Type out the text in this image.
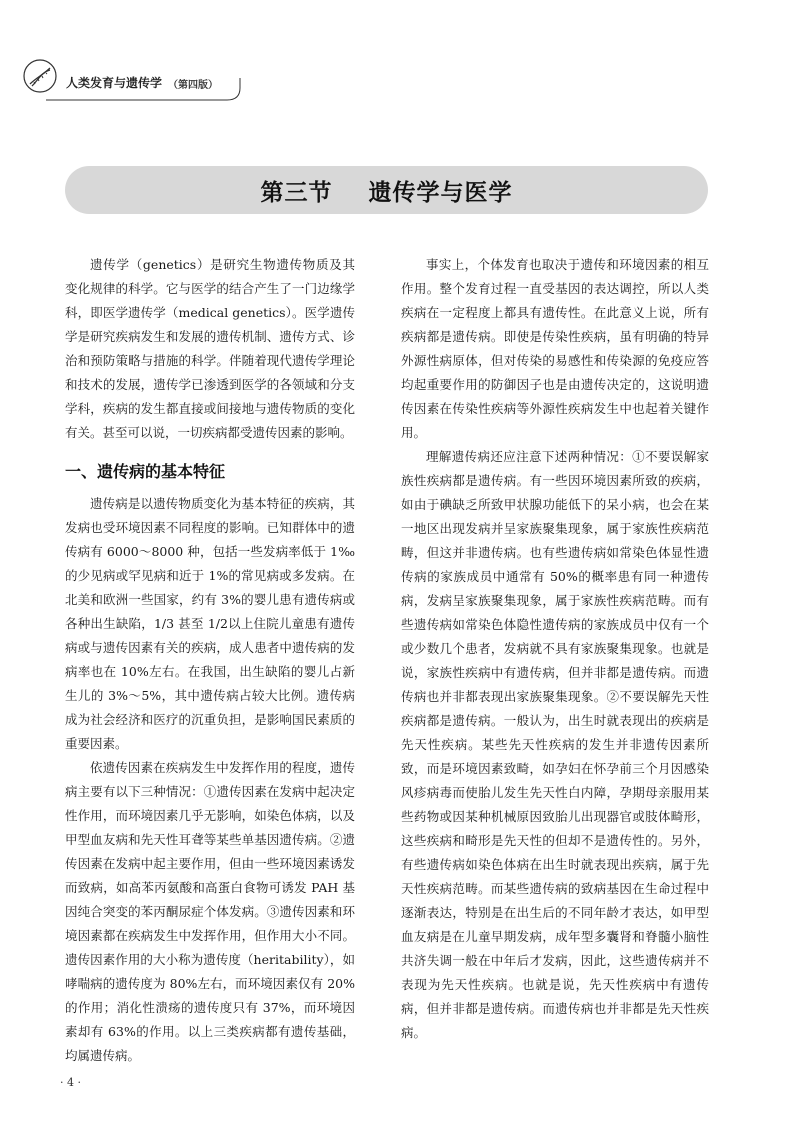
人类发育与遗传学 （第四版）
第三节    遗传学与医学

遗传学（genetics）是研究生物遗传物质及其变化规律的科学。它与医学的结合产生了一门边缘学科，即医学遗传学（medical genetics）。医学遗传学是研究疾病发生和发展的遗传机制、遗传方式、诊治和预防策略与措施的科学。伴随着现代遗传学理论和技术的发展，遗传学已渗透到医学的各领域和分支学科，疾病的发生都直接或间接地与遗传物质的变化有关。甚至可以说，一切疾病都受遗传因素的影响。

一、遗传病的基本特征

遗传病是以遗传物质变化为基本特征的疾病，其发病也受环境因素不同程度的影响。已知群体中的遗传病有 6000～8000 种，包括一些发病率低于 1‰的少见病或罕见病和近于 1%的常见病或多发病。在北美和欧洲一些国家，约有 3%的婴儿患有遗传病或各种出生缺陷，1/3 甚至 1/2以上住院儿童患有遗传病或与遗传因素有关的疾病，成人患者中遗传病的发病率也在 10%左右。在我国，出生缺陷的婴儿占新生儿的 3%～5%，其中遗传病占较大比例。遗传病成为社会经济和医疗的沉重负担，是影响国民素质的重要因素。

依遗传因素在疾病发生中发挥作用的程度，遗传病主要有以下三种情况：①遗传因素在发病中起决定性作用，而环境因素几乎无影响，如染色体病，以及甲型血友病和先天性耳聋等某些单基因遗传病。②遗传因素在发病中起主要作用，但由一些环境因素诱发而致病，如高苯丙氨酸和高蛋白食物可诱发 PAH 基因纯合突变的苯丙酮尿症个体发病。③遗传因素和环境因素都在疾病发生中发挥作用，但作用大小不同。遗传因素作用的大小称为遗传度（heritability），如哮喘病的遗传度为 80%左右，而环境因素仅有 20%的作用；消化性溃疡的遗传度只有 37%，而环境因素却有 63%的作用。以上三类疾病都有遗传基础，均属遗传病。

事实上，个体发育也取决于遗传和环境因素的相互作用。整个发育过程一直受基因的表达调控，所以人类疾病在一定程度上都具有遗传性。在此意义上说，所有疾病都是遗传病。即使是传染性疾病，虽有明确的特异外源性病原体，但对传染的易感性和传染源的免疫应答均起重要作用的防御因子也是由遗传决定的，这说明遗传因素在传染性疾病等外源性疾病发生中也起着关键作用。

理解遗传病还应注意下述两种情况：①不要误解家族性疾病都是遗传病。有一些因环境因素所致的疾病，如由于碘缺乏所致甲状腺功能低下的呆小病，也会在某一地区出现发病并呈家族聚集现象，属于家族性疾病范畴，但这并非遗传病。也有些遗传病如常染色体显性遗传病的家族成员中通常有 50%的概率患有同一种遗传病，发病呈家族聚集现象，属于家族性疾病范畴。而有些遗传病如常染色体隐性遗传病的家族成员中仅有一个或少数几个患者，发病就不具有家族聚集现象。也就是说，家族性疾病中有遗传病，但并非都是遗传病。而遗传病也并非都表现出家族聚集现象。②不要误解先天性疾病都是遗传病。一般认为，出生时就表现出的疾病是先天性疾病。某些先天性疾病的发生并非遗传因素所致，而是环境因素致畸，如孕妇在怀孕前三个月因感染风疹病毒而使胎儿发生先天性白内障，孕期母亲服用某些药物或因某种机械原因致胎儿出现器官或肢体畸形，这些疾病和畸形是先天性的但却不是遗传性的。另外，有些遗传病如染色体病在出生时就表现出疾病，属于先天性疾病范畴。而某些遗传病的致病基因在生命过程中逐渐表达，特别是在出生后的不同年龄才表达，如甲型血友病是在儿童早期发病，成年型多囊肾和脊髓小脑性共济失调一般在中年后才发病，因此，这些遗传病并不表现为先天性疾病。也就是说，先天性疾病中有遗传病，但并非都是遗传病。而遗传病也并非都是先天性疾病。

· 4 ·
